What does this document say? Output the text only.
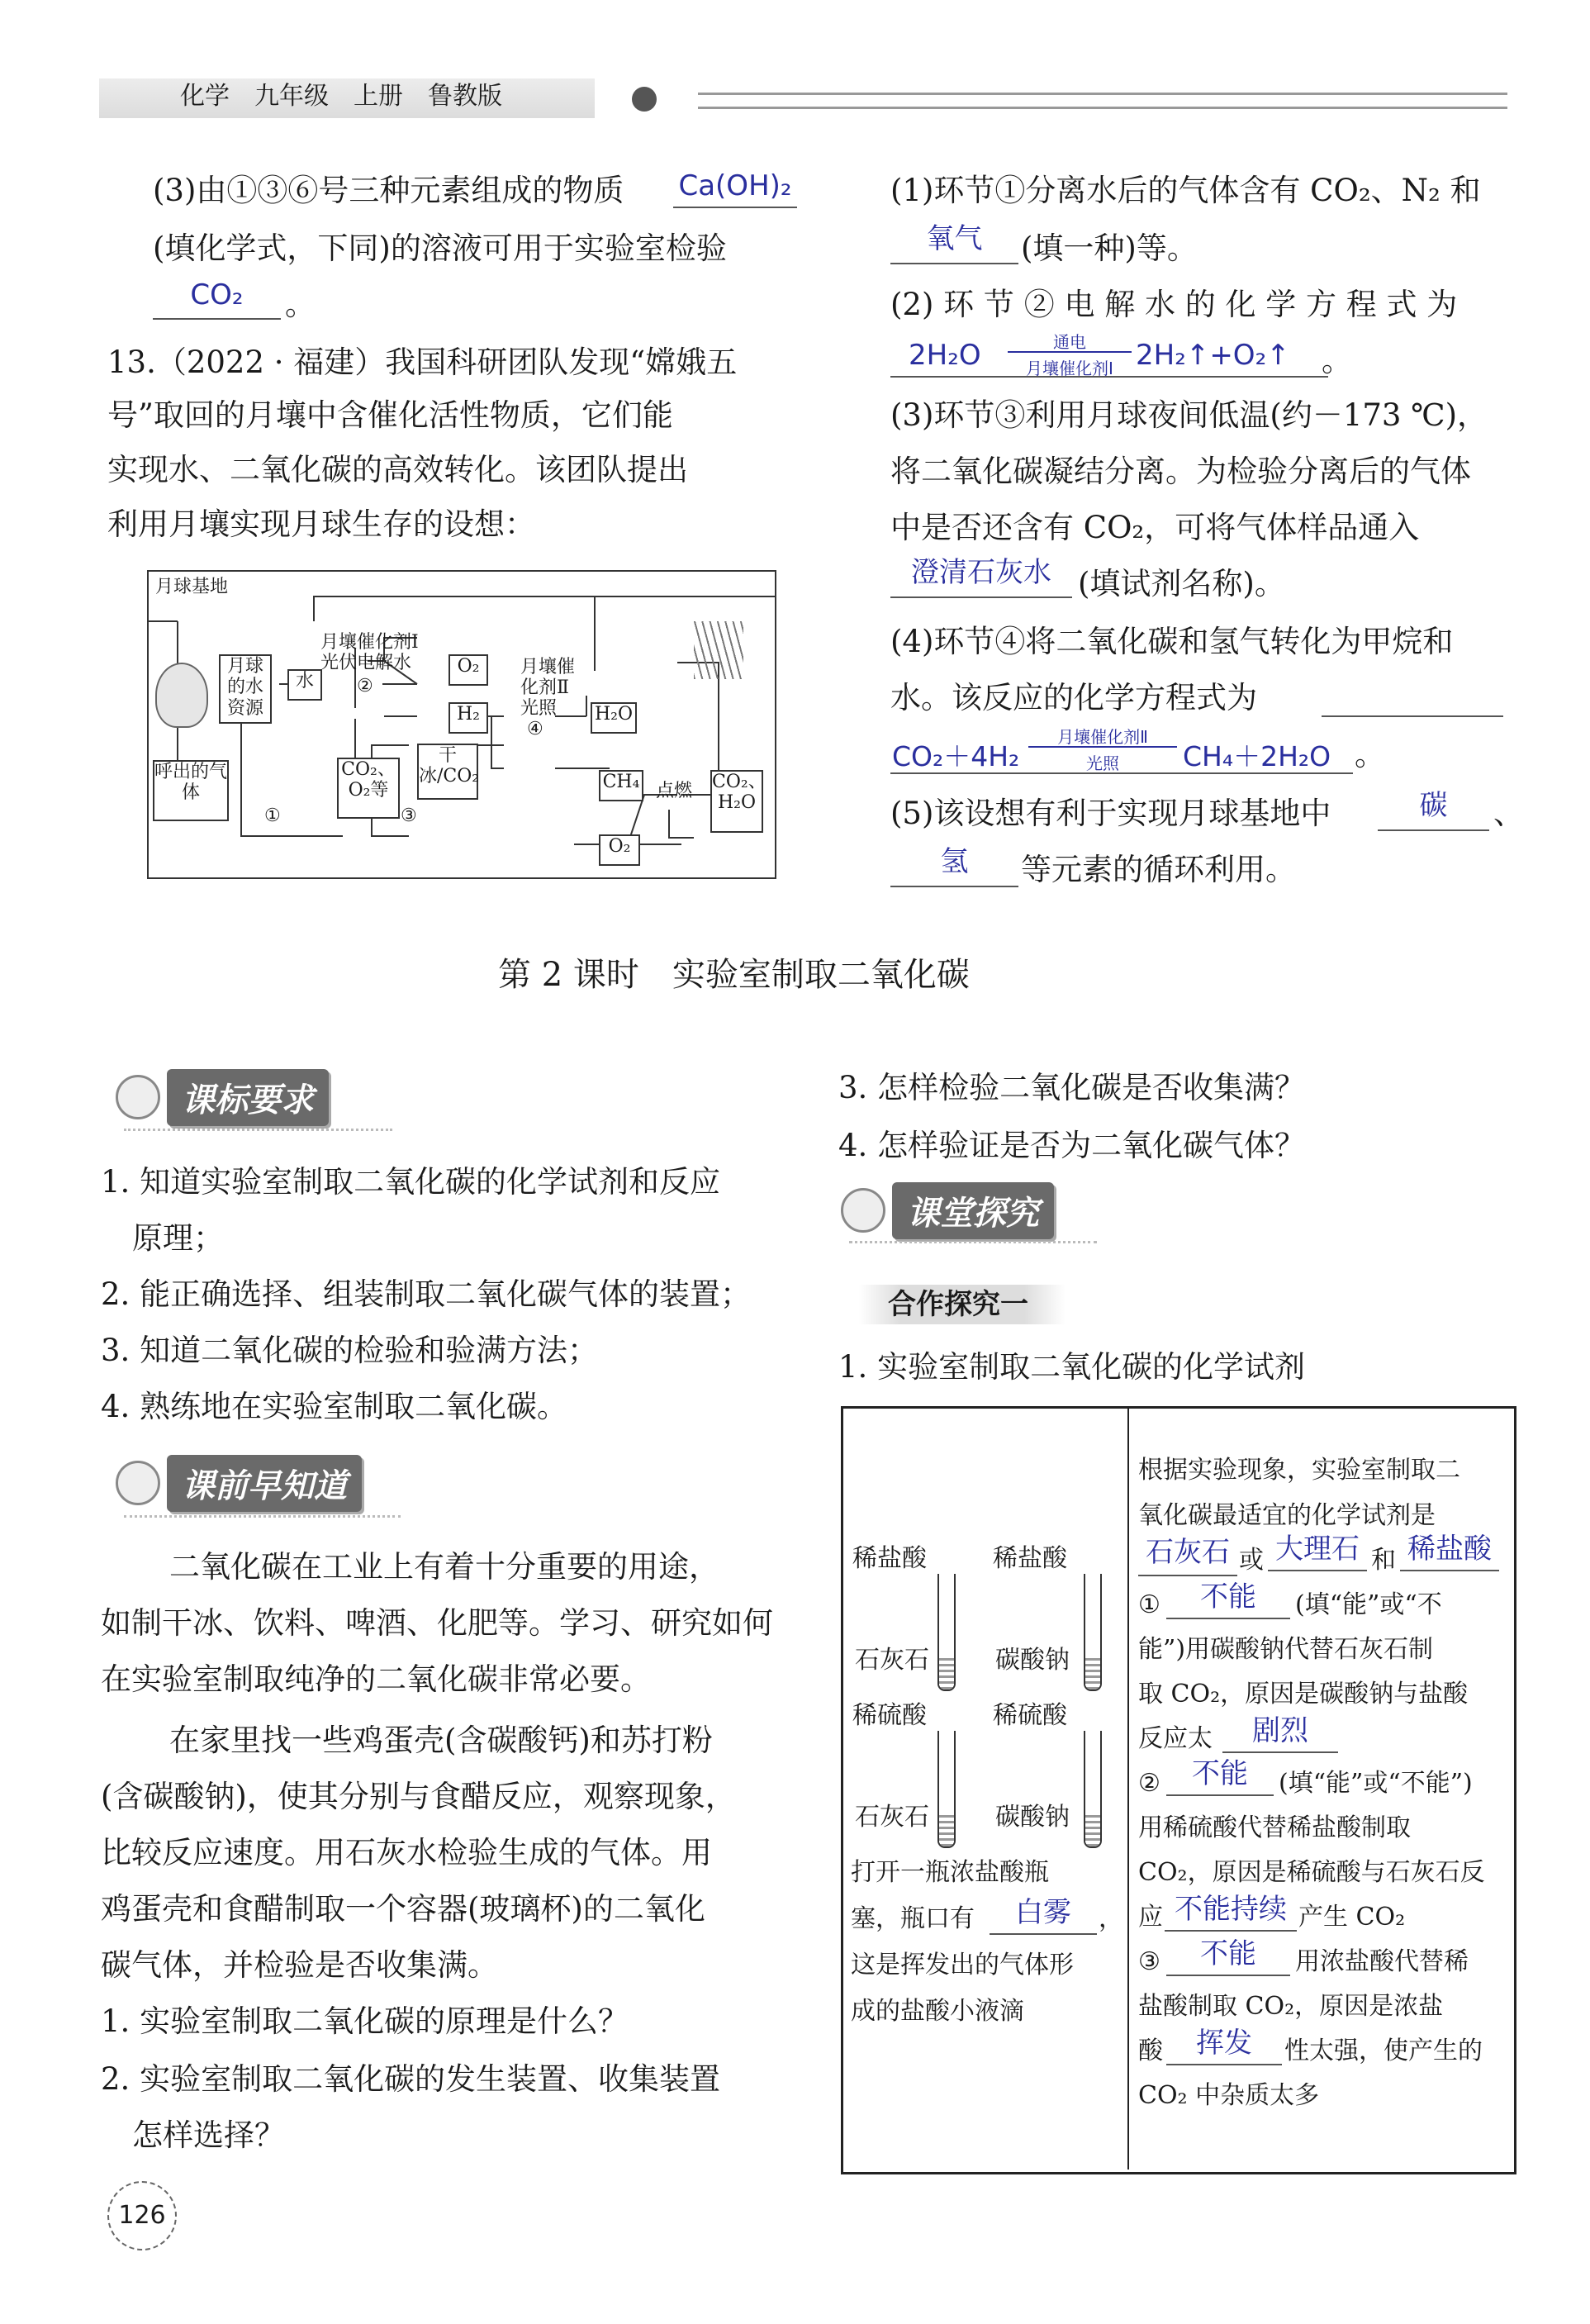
化学　九年级　上册　鲁教版
(3)由①③⑥号三种元素组成的物质 Ca(OH)₂
(填化学式，下同)的溶液可用于实验室检验
CO₂	。
13.（2022 · 福建）我国科研团队发现“嫦娥五
号”取回的月壤中含催化活性物质，它们能
实现水、二氧化碳的高效转化。该团队提出
利用月壤实现月球生存的设想：
月球基地
月球的水资源
水
月壤催化剂Ⅰ
光伏电解水
②
O₂
H₂
月壤催
化剂Ⅱ
光照
④
H₂O
呼出的气体
①
CO₂、O₂等
③
干冰/CO₂	CH₄ 点燃 CO₂、H₂O
O₂
(1)环节①分离水后的气体含有 CO₂、N₂ 和
氧气	(填一种)等。
(2) 环 节 ② 电 解 水 的 化 学 方 程 式 为
2H₂O	通电
月壤催化剂Ⅰ 2H₂↑+O₂↑ 。
(3)环节③利用月球夜间低温(约－173 ℃)，
将二氧化碳凝结分离。为检验分离后的气体
中是否还含有 CO₂，可将气体样品通入
澄清石灰水 (填试剂名称)。
(4)环节④将二氧化碳和氢气转化为甲烷和
水。该反应的化学方程式为
CO₂＋4H₂
月壤催化剂Ⅱ
光照	CH₄＋2H₂O 。
(5)该设想有利于实现月球基地中	碳	、
氢	等元素的循环利用。
第 2 课时　实验室制取二氧化碳
课标要求
1. 知道实验室制取二氧化碳的化学试剂和反应
原理；
2. 能正确选择、组装制取二氧化碳气体的装置；
3. 知道二氧化碳的检验和验满方法；
4. 熟练地在实验室制取二氧化碳。
课前早知道
二氧化碳在工业上有着十分重要的用途，
如制干冰、饮料、啤酒、化肥等。学习、研究如何
在实验室制取纯净的二氧化碳非常必要。
在家里找一些鸡蛋壳(含碳酸钙)和苏打粉
(含碳酸钠)，使其分别与食醋反应，观察现象，
比较反应速度。用石灰水检验生成的气体。用
鸡蛋壳和食醋制取一个容器(玻璃杯)的二氧化
碳气体，并检验是否收集满。
1. 实验室制取二氧化碳的原理是什么？
2. 实验室制取二氧化碳的发生装置、收集装置
怎样选择？
3. 怎样检验二氧化碳是否收集满？
4. 怎样验证是否为二氧化碳气体？
课堂探究
合作探究一
1. 实验室制取二氧化碳的化学试剂
稀盐酸	稀盐酸
石灰石	碳酸钠
稀硫酸	稀硫酸
石灰石	碳酸钠
打开一瓶浓盐酸瓶
塞，瓶口有	白雾	，
这是挥发出的气体形
成的盐酸小液滴
根据实验现象，实验室制取二
氧化碳最适宜的化学试剂是
石灰石 或 大理石 和 稀盐酸
①	不能	(填“能”或“不
能”)用碳酸钠代替石灰石制
取 CO₂，原因是碳酸钠与盐酸
反应太	剧烈
②	不能	(填“能”或“不能”)
用稀硫酸代替稀盐酸制取
CO₂，原因是稀硫酸与石灰石反
应 不能持续 产生 CO₂
③	不能	用浓盐酸代替稀
盐酸制取 CO₂，原因是浓盐
酸	挥发	性太强，使产生的
CO₂ 中杂质太多
126
